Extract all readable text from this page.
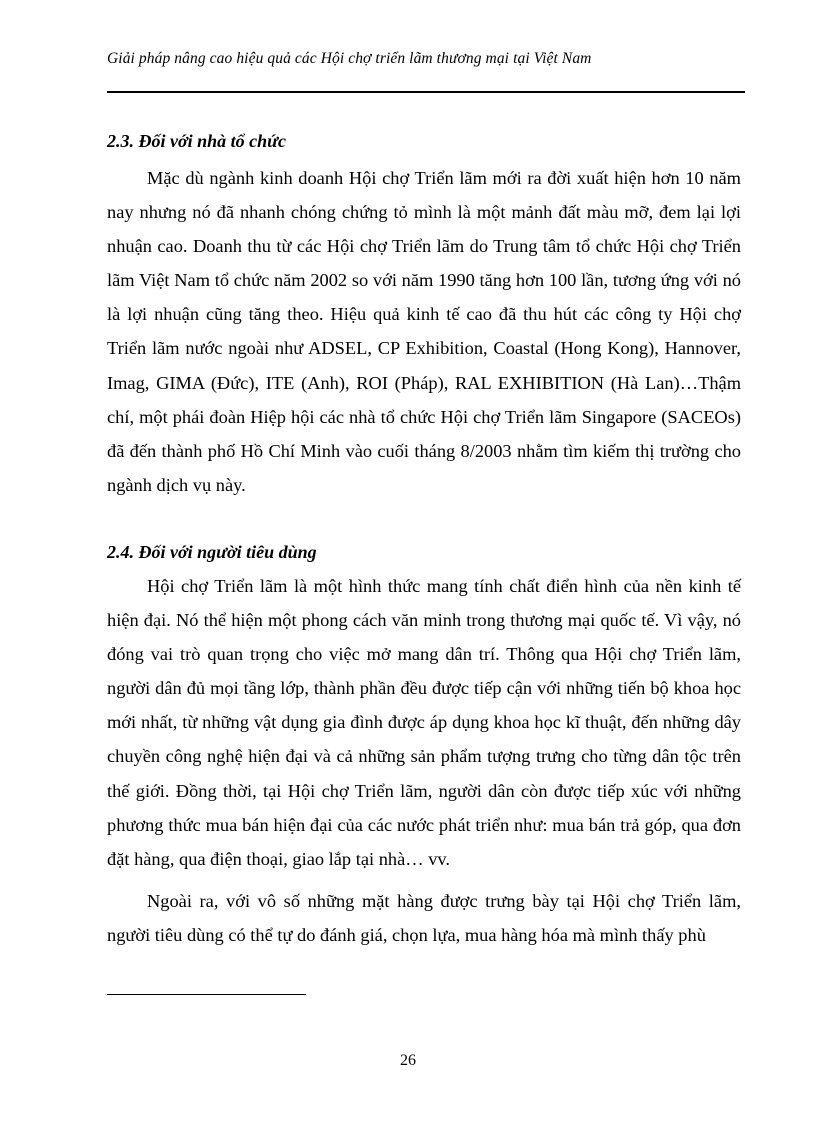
Giải pháp nâng cao hiệu quả các Hội chợ triển lãm thương mại tại Việt Nam
2.3. Đối với nhà tổ chức

Mặc dù ngành kinh doanh Hội chợ Triển lãm mới ra đời xuất hiện hơn 10 năm nay nhưng nó đã nhanh chóng chứng tỏ mình là một mảnh đất màu mỡ, đem lại lợi nhuận cao. Doanh thu từ các Hội chợ Triển lãm do Trung tâm tổ chức Hội chợ Triển lãm Việt Nam tổ chức năm 2002 so với năm 1990 tăng hơn 100 lần, tương ứng với nó là lợi nhuận cũng tăng theo. Hiệu quả kinh tế cao đã thu hút các công ty Hội chợ Triển lãm nước ngoài như ADSEL, CP Exhibition, Coastal (Hong Kong), Hannover, Imag, GIMA (Đức), ITE (Anh), ROI (Pháp), RAL EXHIBITION (Hà Lan)…Thậm chí, một phái đoàn Hiệp hội các nhà tổ chức Hội chợ Triển lãm Singapore (SACEOs) đã đến thành phố Hồ Chí Minh vào cuối tháng 8/2003 nhằm tìm kiếm thị trường cho ngành dịch vụ này.

2.4. Đối với người tiêu dùng

Hội chợ Triển lãm là một hình thức mang tính chất điển hình của nền kinh tế hiện đại. Nó thể hiện một phong cách văn minh trong thương mại quốc tế. Vì vậy, nó đóng vai trò quan trọng cho việc mở mang dân trí. Thông qua Hội chợ Triển lãm, người dân đủ mọi tầng lớp, thành phần đều được tiếp cận với những tiến bộ khoa học mới nhất, từ những vật dụng gia đình được áp dụng khoa học kĩ thuật, đến những dây chuyền công nghệ hiện đại và cả những sản phẩm tượng trưng cho từng dân tộc trên thế giới. Đồng thời, tại Hội chợ Triển lãm, người dân còn được tiếp xúc với những phương thức mua bán hiện đại của các nước phát triển như: mua bán trả góp, qua đơn đặt hàng, qua điện thoại, giao lắp tại nhà… vv.

Ngoài ra, với vô số những mặt hàng được trưng bày tại Hội chợ Triển lãm, người tiêu dùng có thể tự do đánh giá, chọn lựa, mua hàng hóa mà mình thấy phù

26
